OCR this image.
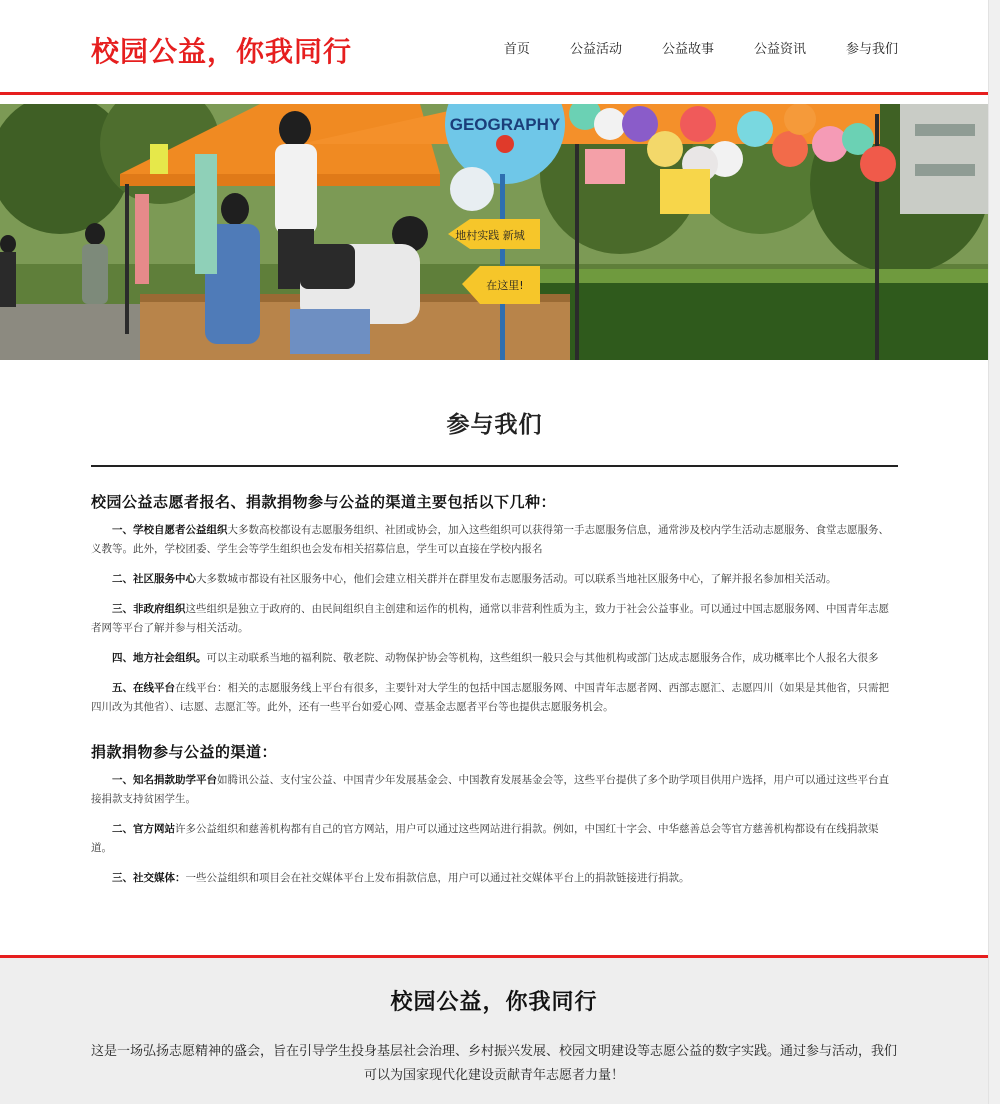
校园公益，你我同行	首页	公益活动	公益故事	公益资讯	参与我们
GEOGRAPHY
地村实践 新城
在这里!
参与我们
校园公益志愿者报名、捐款捐物参与公益的渠道主要包括以下几种：

一、学校自愿者公益组织大多数高校都设有志愿服务组织、社团或协会，加入这些组织可以获得第一手志愿服务信息，通常涉及校内学生活动志愿服务、食堂志愿服务、义教等。此外，学校团委、学生会等学生组织也会发布相关招募信息，学生可以直接在学校内报名

二、社区服务中心大多数城市都设有社区服务中心，他们会建立相关群并在群里发布志愿服务活动。可以联系当地社区服务中心，了解并报名参加相关活动。

三、非政府组织这些组织是独立于政府的、由民间组织自主创建和运作的机构，通常以非营利性质为主，致力于社会公益事业。可以通过中国志愿服务网、中国青年志愿者网等平台了解并参与相关活动。

四、地方社会组织。可以主动联系当地的福利院、敬老院、动物保护协会等机构，这些组织一般只会与其他机构或部门达成志愿服务合作，成功概率比个人报名大很多

五、在线平台在线平台：相关的志愿服务线上平台有很多，主要针对大学生的包括中国志愿服务网、中国青年志愿者网、西部志愿汇、志愿四川（如果是其他省，只需把四川改为其他省）、i志愿、志愿汇等。此外，还有一些平台如爱心网、壹基金志愿者平台等也提供志愿服务机会。

捐款捐物参与公益的渠道：

一、知名捐款助学平台如腾讯公益、支付宝公益、中国青少年发展基金会、中国教育发展基金会等，这些平台提供了多个助学项目供用户选择，用户可以通过这些平台直接捐款支持贫困学生。

二、官方网站许多公益组织和慈善机构都有自己的官方网站，用户可以通过这些网站进行捐款。例如，中国红十字会、中华慈善总会等官方慈善机构都设有在线捐款渠道。

三、社交媒体：一些公益组织和项目会在社交媒体平台上发布捐款信息，用户可以通过社交媒体平台上的捐款链接进行捐款。

校园公益，你我同行
这是一场弘扬志愿精神的盛会，旨在引导学生投身基层社会治理、乡村振兴发展、校园文明建设等志愿公益的数字实践。通过参与活动，我们可以为国家现代化建设贡献青年志愿者力量！
